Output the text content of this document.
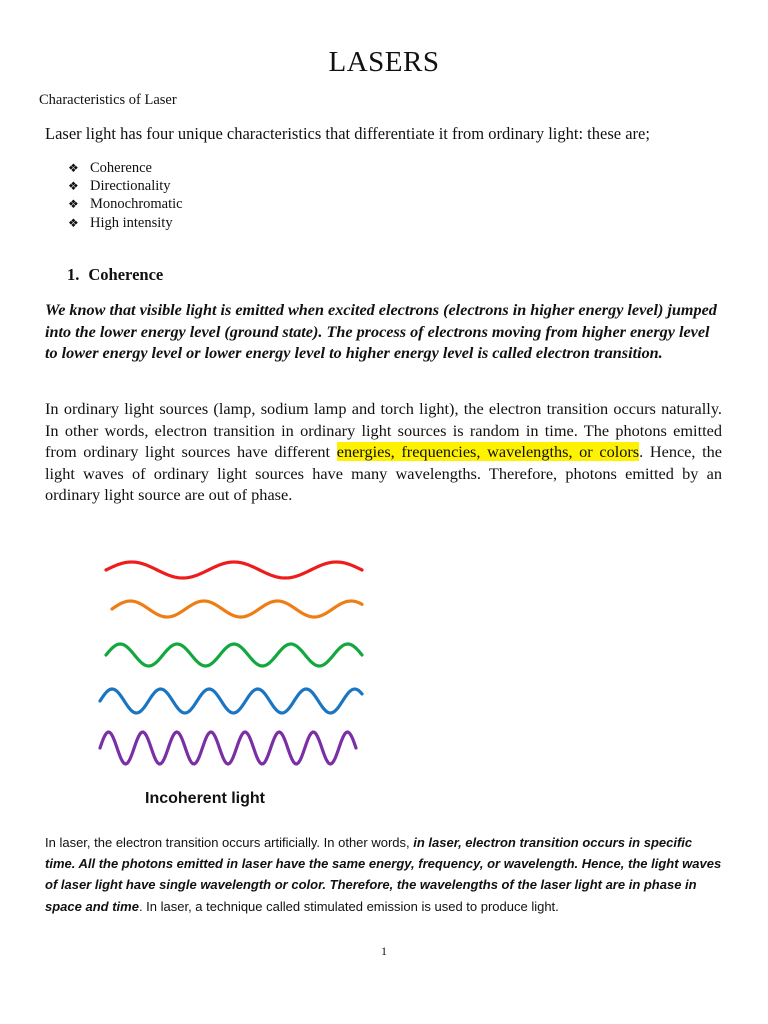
LASERS
Characteristics of Laser
Laser light has four unique characteristics that differentiate it from ordinary light: these are;
❖ Coherence
❖ Directionality
❖ Monochromatic
❖ High intensity
1. Coherence
We know that visible light is emitted when excited electrons (electrons in higher energy level) jumped into the lower energy level (ground state). The process of electrons moving from higher energy level to lower energy level or lower energy level to higher energy level is called electron transition.
In ordinary light sources (lamp, sodium lamp and torch light), the electron transition occurs naturally. In other words, electron transition in ordinary light sources is random in time. The photons emitted from ordinary light sources have different energies, frequencies, wavelengths, or colors. Hence, the light waves of ordinary light sources have many wavelengths. Therefore, photons emitted by an ordinary light source are out of phase.
Incoherent light
In laser, the electron transition occurs artificially. In other words, in laser, electron transition occurs in specific time. All the photons emitted in laser have the same energy, frequency, or wavelength. Hence, the light waves of laser light have single wavelength or color. Therefore, the wavelengths of the laser light are in phase in space and time. In laser, a technique called stimulated emission is used to produce light.
1
